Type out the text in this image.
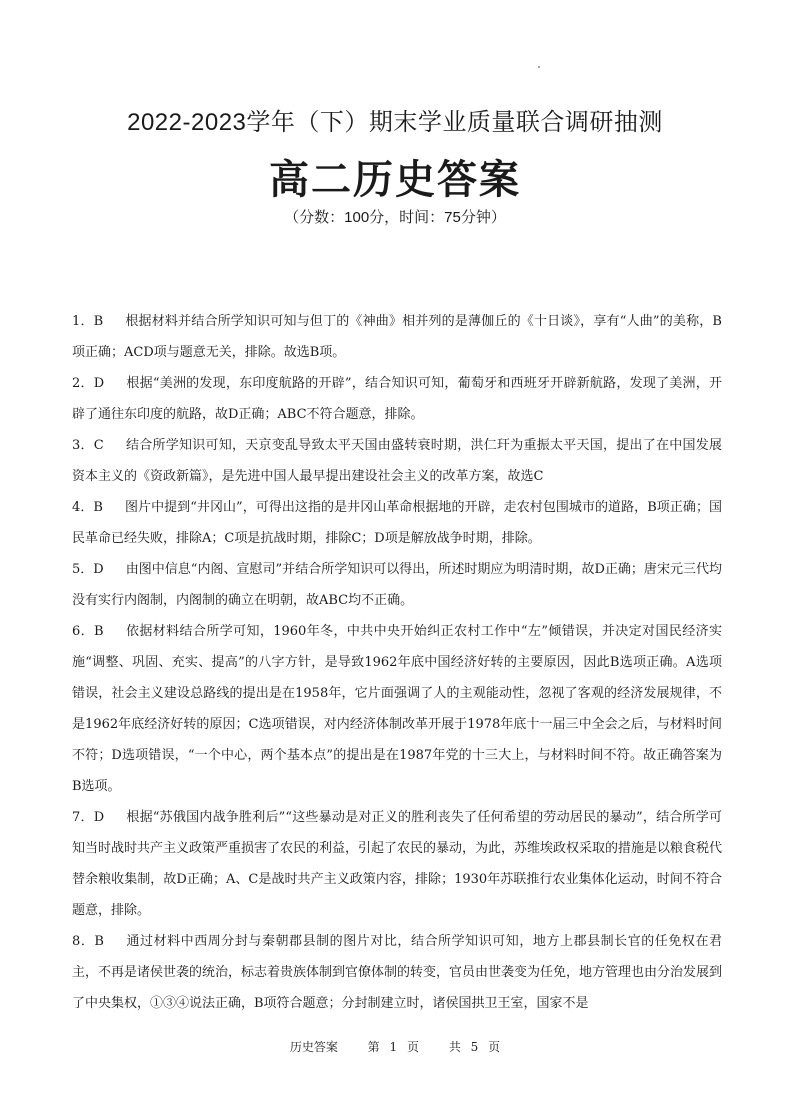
2022-2023学年（下）期末学业质量联合调研抽测
高二历史答案
（分数：100分，时间：75分钟）

1．B 根据材料并结合所学知识可知与但丁的《神曲》相并列的是薄伽丘的《十日谈》，享有“人曲”的美称，B项正确；ACD项与题意无关，排除。故选B项。

2．D 根据“美洲的发现，东印度航路的开辟”，结合知识可知，葡萄牙和西班牙开辟新航路，发现了美洲，开辟了通往东印度的航路，故D正确；ABC不符合题意，排除。

3．C 结合所学知识可知，天京变乱导致太平天国由盛转衰时期，洪仁玕为重振太平天国，提出了在中国发展资本主义的《资政新篇》，是先进中国人最早提出建设社会主义的改革方案，故选C

4．B 图片中提到“井冈山”，可得出这指的是井冈山革命根据地的开辟，走农村包围城市的道路，B项正确；国民革命已经失败，排除A；C项是抗战时期，排除C；D项是解放战争时期，排除。

5．D 由图中信息“内阁、宣慰司”并结合所学知识可以得出，所述时期应为明清时期，故D正确；唐宋元三代均没有实行内阁制，内阁制的确立在明朝，故ABC均不正确。

6．B 依据材料结合所学可知，1960年冬，中共中央开始纠正农村工作中“左”倾错误，并决定对国民经济实施“调整、巩固、充实、提高”的八字方针，是导致1962年底中国经济好转的主要原因，因此B选项正确。A选项错误，社会主义建设总路线的提出是在1958年，它片面强调了人的主观能动性，忽视了客观的经济发展规律，不是1962年底经济好转的原因；C选项错误，对内经济体制改革开展于1978年底十一届三中全会之后，与材料时间不符；D选项错误，“一个中心，两个基本点”的提出是在1987年党的十三大上，与材料时间不符。故正确答案为B选项。

7．D 根据“苏俄国内战争胜利后”“这些暴动是对正义的胜利丧失了任何希望的劳动居民的暴动”，结合所学可知当时战时共产主义政策严重损害了农民的利益，引起了农民的暴动，为此，苏维埃政权采取的措施是以粮食税代替余粮收集制，故D正确；A、C是战时共产主义政策内容，排除；1930年苏联推行农业集体化运动，时间不符合题意，排除。

8．B 通过材料中西周分封与秦朝郡县制的图片对比，结合所学知识可知，地方上郡县制长官的任免权在君主，不再是诸侯世袭的统治，标志着贵族体制到官僚体制的转变，官员由世袭变为任免，地方管理也由分治发展到了中央集权，①③④说法正确，B项符合题意；分封制建立时，诸侯国拱卫王室，国家不是

历史答案 第 1 页 共 5 页
